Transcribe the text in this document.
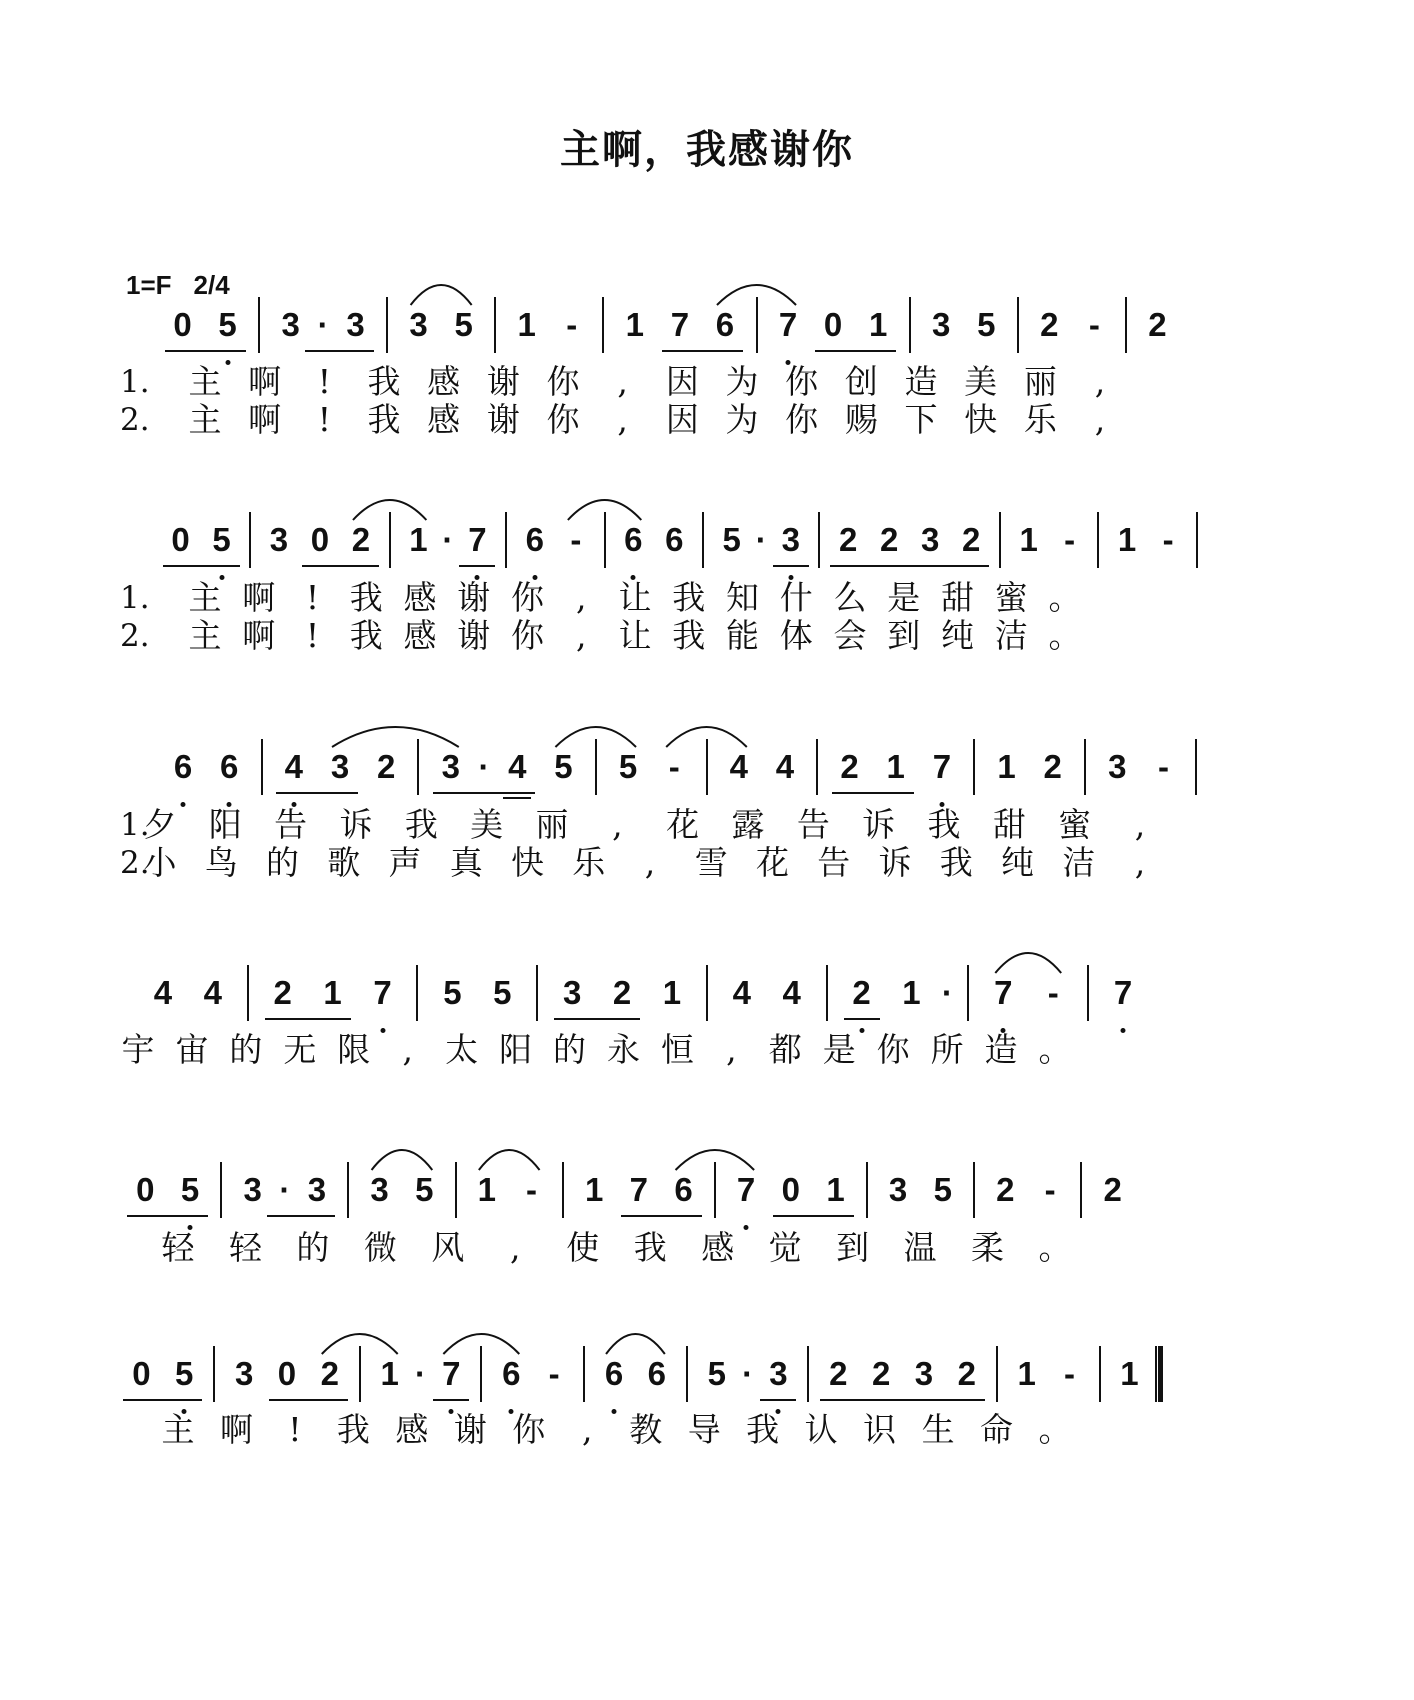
主啊，我感谢你
1=F 2/4
0 5 3 · 3 3 5 1 - 1 7 6 7 0 1 3 5 2 - 2
1. 主 啊 ! 我 感 谢 你 , 因 为 你 创 造 美 丽 ,
2. 主 啊 ! 我 感 谢 你 , 因 为 你 赐 下 快 乐 ,
0 5 3 0 2 1 · 7 6 - 6 6 5 · 3 2 2 3 2 1 - 1 -
1. 主 啊 ! 我 感 谢 你 , 让 我 知 什 么 是 甜 蜜 。
2. 主 啊 ! 我 感 谢 你 , 让 我 能 体 会 到 纯 洁 。
6 6 4 3 2 3 · 4 5 5 - 4 4 2 1 7 1 2 3 -
1.
夕 阳 告 诉 我 美 丽 , 花 露 告 诉 我 甜 蜜 ,
2.
小 鸟 的 歌 声 真 快 乐 , 雪 花 告 诉 我 纯 洁 ,
4 4 2 1 7 5 5 3 2 1 4 4 2 1 · 7 - 7
宇 宙 的 无 限 , 太 阳 的 永 恒 , 都 是 你 所 造 。
0 5 3 · 3 3 5 1 - 1 7 6 7 0 1 3 5 2 - 2
轻 轻 的 微 风 , 使 我 感 觉 到 温 柔 。
0 5 3 0 2 1 · 7 6 - 6 6 5 · 3 2 2 3 2 1 - 1
主 啊 ! 我 感 谢 你 , 教 导 我 认 识 生 命 。
